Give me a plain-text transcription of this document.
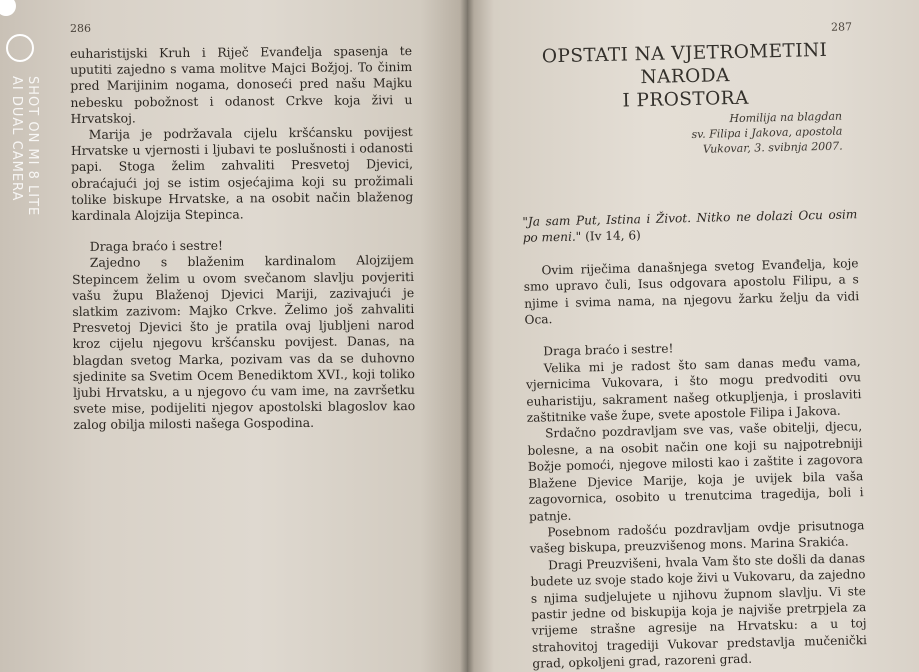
SHOT ON MI 8 LITE
AI DUAL CAMERA
286

euharistijski Kruh i Riječ Evanđelja spasenja te uputiti zajedno s vama molitve Majci Božjoj. To činim pred Marijinim nogama, donoseći pred našu Majku nebesku pobožnost i odanost Crkve koja živi u Hrvatskoj.

Marija je podržavala cijelu kršćansku povijest Hrvatske u vjernosti i ljubavi te poslušnosti i odanosti papi. Stoga želim zahvaliti Presvetoj Djevici, obraćajući joj se istim osjećajima koji su prožimali tolike biskupe Hrvatske, a na osobit način blaženog kardinala Alojzija Stepinca.

Draga braćo i sestre!

Zajedno s blaženim kardinalom Alojzijem Stepincem želim u ovom svečanom slavlju povjeriti vašu župu Blaženoj Djevici Mariji, zazivajući je slatkim zazivom: Majko Crkve. Želimo još zahvaliti Presvetoj Djevici što je pratila ovaj ljubljeni narod kroz cijelu njegovu kršćansku povijest. Danas, na blagdan svetog Marka, pozivam vas da se duhovno sjedinite sa Svetim Ocem Benediktom XVI., koji toliko ljubi Hrvatsku, a u njegovo ću vam ime, na završetku svete mise, podijeliti njegov apostolski blagoslov kao zalog obilja milosti našega Gospodina.

287
OPSTATI NA VJETROMETINI NARODA
I PROSTORA
Homilija na blagdan
sv. Filipa i Jakova, apostola
Vukovar, 3. svibnja 2007.

"Ja sam Put, Istina i Život. Nitko ne dolazi Ocu osim po meni." (Iv 14, 6)

Ovim riječima današnjega svetog Evanđelja, koje smo upravo čuli, Isus odgovara apostolu Filipu, a s njime i svima nama, na njegovu žarku želju da vidi Oca.

Draga braćo i sestre!

Velika mi je radost što sam danas među vama, vjernicima Vukovara, i što mogu predvoditi ovu euharistiju, sakrament našeg otkupljenja, i proslaviti zaštitnike vaše župe, svete apostole Filipa i Jakova.

Srdačno pozdravljam sve vas, vaše obitelji, djecu, bolesne, a na osobit način one koji su najpotrebniji Božje pomoći, njegove milosti kao i zaštite i zagovora Blažene Djevice Marije, koja je uvijek bila vaša zagovornica, osobito u trenutcima tragedija, boli i patnje.

Posebnom radošću pozdravljam ovdje prisutnoga vašeg biskupa, preuzvišenog mons. Marina Srakića.

Dragi Preuzvišeni, hvala Vam što ste došli da danas budete uz svoje stado koje živi u Vukovaru, da zajedno s njima sudjelujete u njihovu župnom slavlju. Vi ste pastir jedne od biskupija koja je najviše pretrpjela za vrijeme strašne agresije na Hrvatsku: a u toj strahovitoj tragediji Vukovar predstavlja mučenički grad, opkoljeni grad, razoreni grad.
